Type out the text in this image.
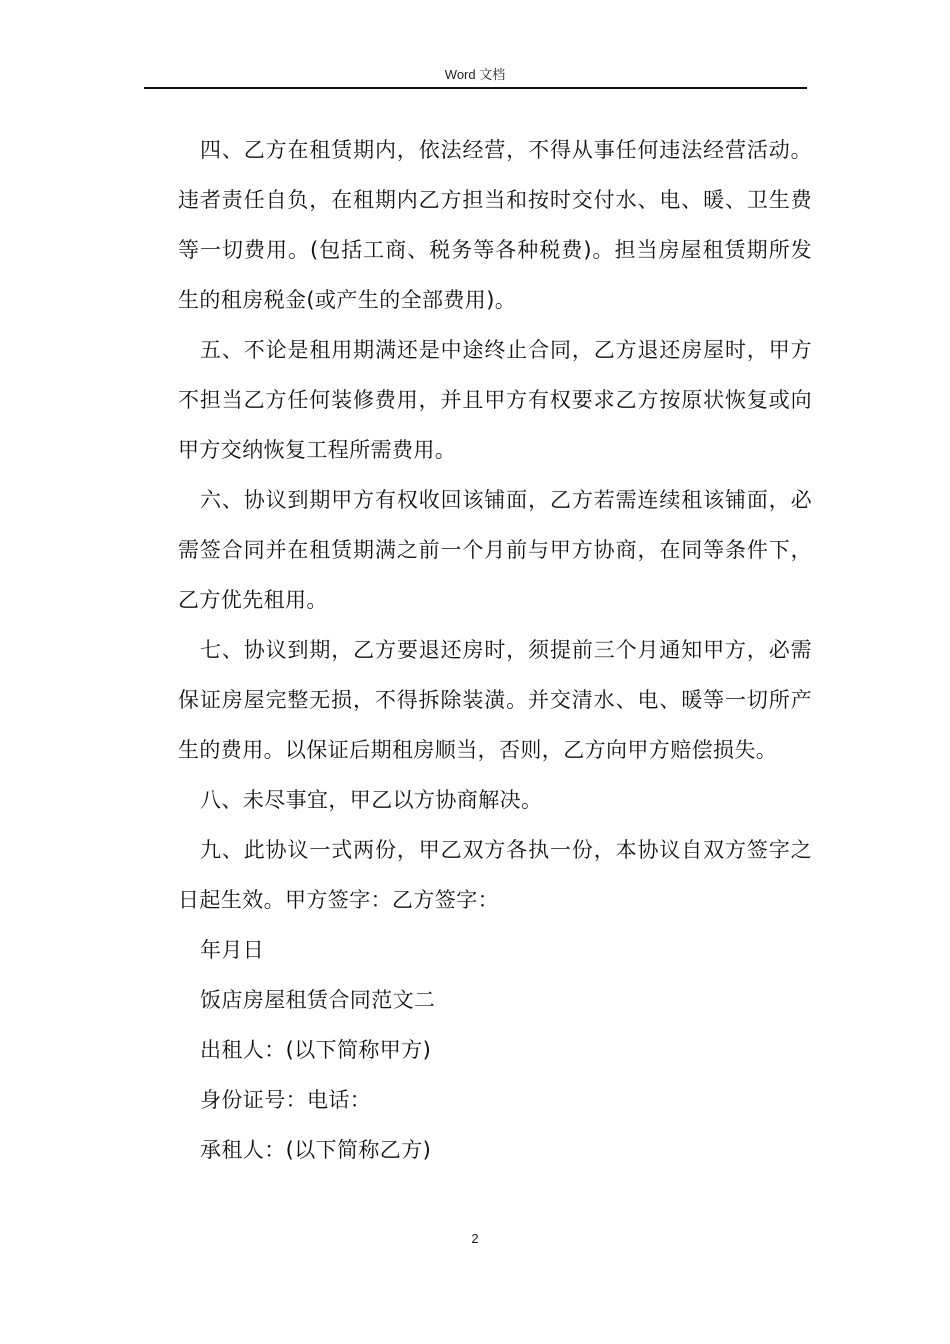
Word 文档

四、乙方在租赁期内，依法经营，不得从事任何违法经营活动。违者责任自负，在租期内乙方担当和按时交付水、电、暖、卫生费等一切费用。(包括工商、税务等各种税费)。担当房屋租赁期所发生的租房税金(或产生的全部费用)。

五、不论是租用期满还是中途终止合同，乙方退还房屋时，甲方不担当乙方任何装修费用，并且甲方有权要求乙方按原状恢复或向甲方交纳恢复工程所需费用。

六、协议到期甲方有权收回该铺面，乙方若需连续租该铺面，必需签合同并在租赁期满之前一个月前与甲方协商，在同等条件下，乙方优先租用。

七、协议到期，乙方要退还房时，须提前三个月通知甲方，必需保证房屋完整无损，不得拆除装潢。并交清水、电、暖等一切所产生的费用。以保证后期租房顺当，否则，乙方向甲方赔偿损失。

八、未尽事宜，甲乙以方协商解决。

九、此协议一式两份，甲乙双方各执一份，本协议自双方签字之日起生效。甲方签字：乙方签字：

年月日

饭店房屋租赁合同范文二

出租人：(以下简称甲方)

身份证号：电话：

承租人：(以下简称乙方)

2
